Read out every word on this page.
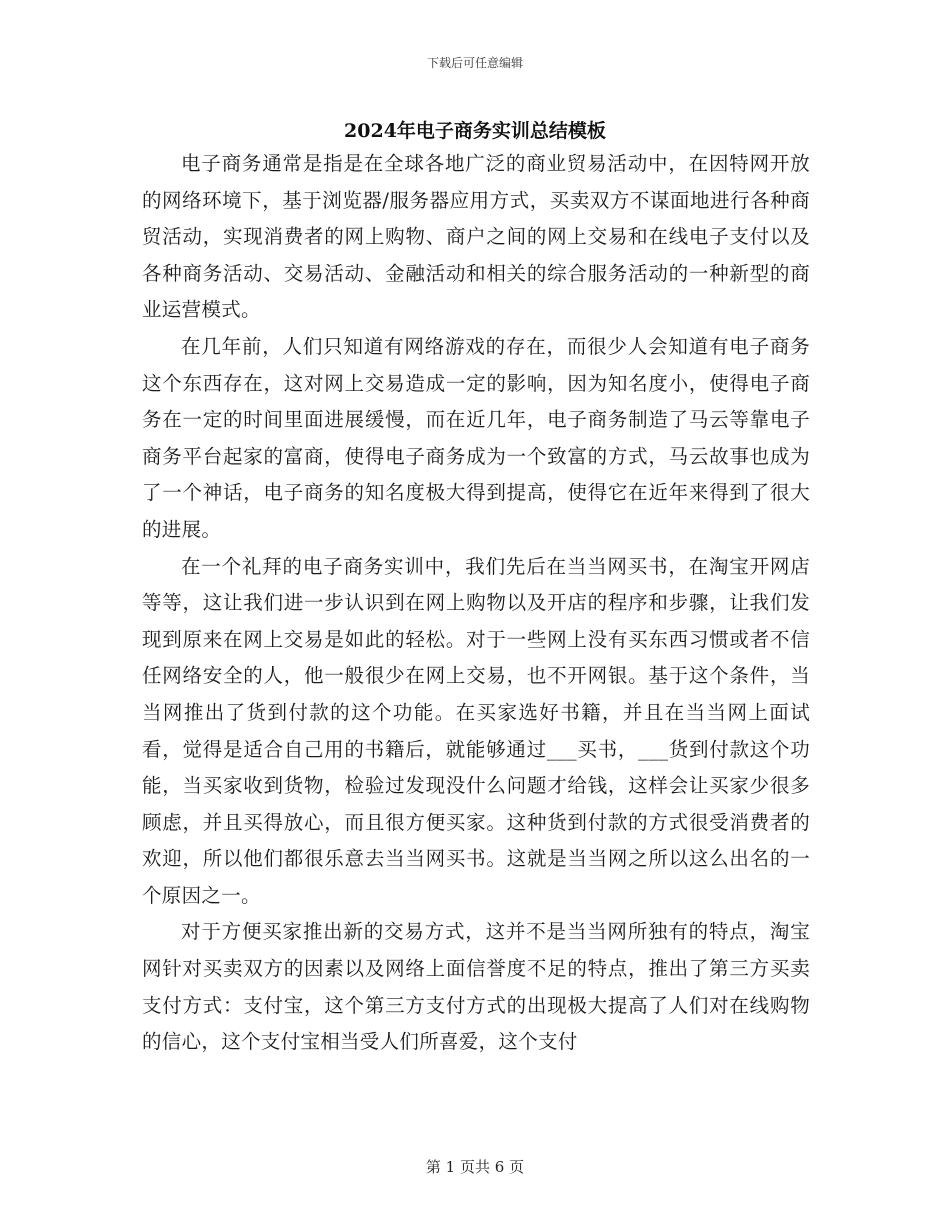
下载后可任意编辑
2024年电子商务实训总结模板

电子商务通常是指是在全球各地广泛的商业贸易活动中，在因特网开放的网络环境下，基于浏览器/服务器应用方式，买卖双方不谋面地进行各种商贸活动，实现消费者的网上购物、商户之间的网上交易和在线电子支付以及各种商务活动、交易活动、金融活动和相关的综合服务活动的一种新型的商业运营模式。

在几年前，人们只知道有网络游戏的存在，而很少人会知道有电子商务这个东西存在，这对网上交易造成一定的影响，因为知名度小，使得电子商务在一定的时间里面进展缓慢，而在近几年，电子商务制造了马云等靠电子商务平台起家的富商，使得电子商务成为一个致富的方式，马云故事也成为了一个神话，电子商务的知名度极大得到提高，使得它在近年来得到了很大的进展。

在一个礼拜的电子商务实训中，我们先后在当当网买书，在淘宝开网店等等，这让我们进一步认识到在网上购物以及开店的程序和步骤，让我们发现到原来在网上交易是如此的轻松。对于一些网上没有买东西习惯或者不信任网络安全的人，他一般很少在网上交易，也不开网银。基于这个条件，当当网推出了货到付款的这个功能。在买家选好书籍，并且在当当网上面试看，觉得是适合自己用的书籍后，就能够通过___买书，___货到付款这个功能，当买家收到货物，检验过发现没什么问题才给钱，这样会让买家少很多顾虑，并且买得放心，而且很方便买家。这种货到付款的方式很受消费者的欢迎，所以他们都很乐意去当当网买书。这就是当当网之所以这么出名的一个原因之一。

对于方便买家推出新的交易方式，这并不是当当网所独有的特点，淘宝网针对买卖双方的因素以及网络上面信誉度不足的特点，推出了第三方买卖支付方式：支付宝，这个第三方支付方式的出现极大提高了人们对在线购物的信心，这个支付宝相当受人们所喜爱，这个支付

第 1 页共 6 页
